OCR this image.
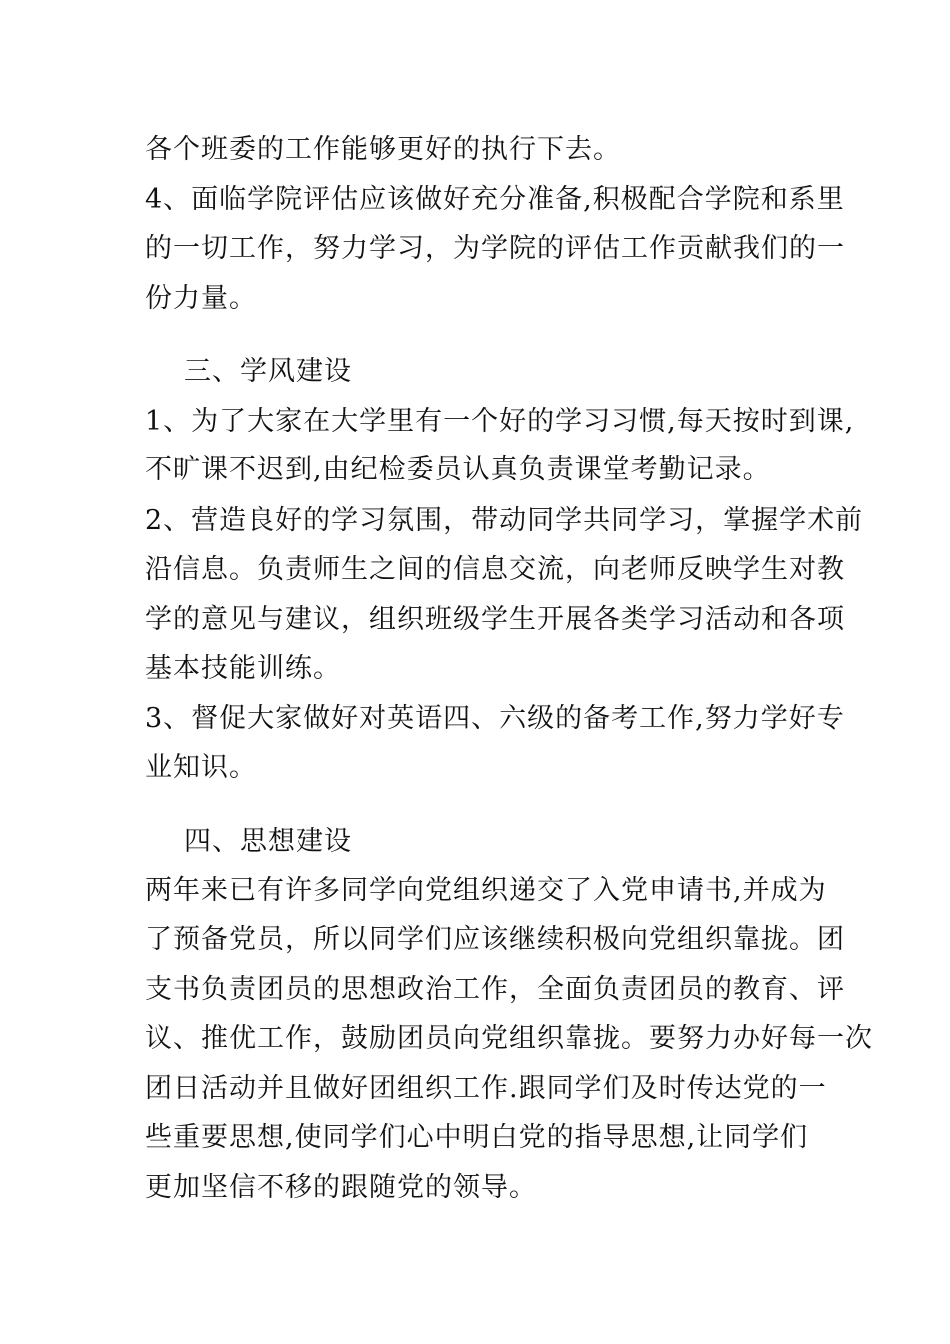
各个班委的工作能够更好的执行下去。
4、面临学院评估应该做好充分准备,积极配合学院和系里
的一切工作，努力学习，为学院的评估工作贡献我们的一
份力量。
三、学风建设
1、为了大家在大学里有一个好的学习习惯,每天按时到课,
不旷课不迟到,由纪检委员认真负责课堂考勤记录。
2、营造良好的学习氛围，带动同学共同学习，掌握学术前
沿信息。负责师生之间的信息交流，向老师反映学生对教
学的意见与建议，组织班级学生开展各类学习活动和各项
基本技能训练。
3、督促大家做好对英语四、六级的备考工作,努力学好专
业知识。
四、思想建设
两年来已有许多同学向党组织递交了入党申请书,并成为
了预备党员，所以同学们应该继续积极向党组织靠拢。团
支书负责团员的思想政治工作，全面负责团员的教育、评
议、推优工作，鼓励团员向党组织靠拢。要努力办好每一次
团日活动并且做好团组织工作.跟同学们及时传达党的一
些重要思想,使同学们心中明白党的指导思想,让同学们
更加坚信不移的跟随党的领导。
